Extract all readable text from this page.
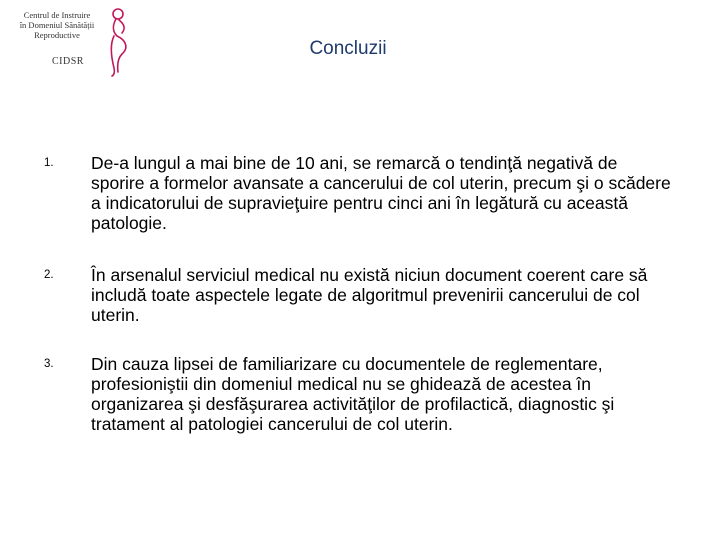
Centrul de Instruire
în Domeniul Sănătății
Reproductive
CIDSR
Concluzii
1. De-a lungul a mai bine de 10 ani, se remarcă o tendinţă negativă de sporire a formelor avansate a cancerului de col uterin, precum şi o scădere a indicatorului de supravieţuire pentru cinci ani în legătură cu această patologie.
2. În arsenalul serviciul medical nu există niciun document coerent care să includă toate aspectele legate de algoritmul prevenirii cancerului de col uterin.
3. Din cauza lipsei de familiarizare cu documentele de reglementare, profesioniştii din domeniul medical nu se ghidează de acestea în organizarea şi desfăşurarea activităţilor de profilactică, diagnostic şi tratament al patologiei cancerului de col uterin.
